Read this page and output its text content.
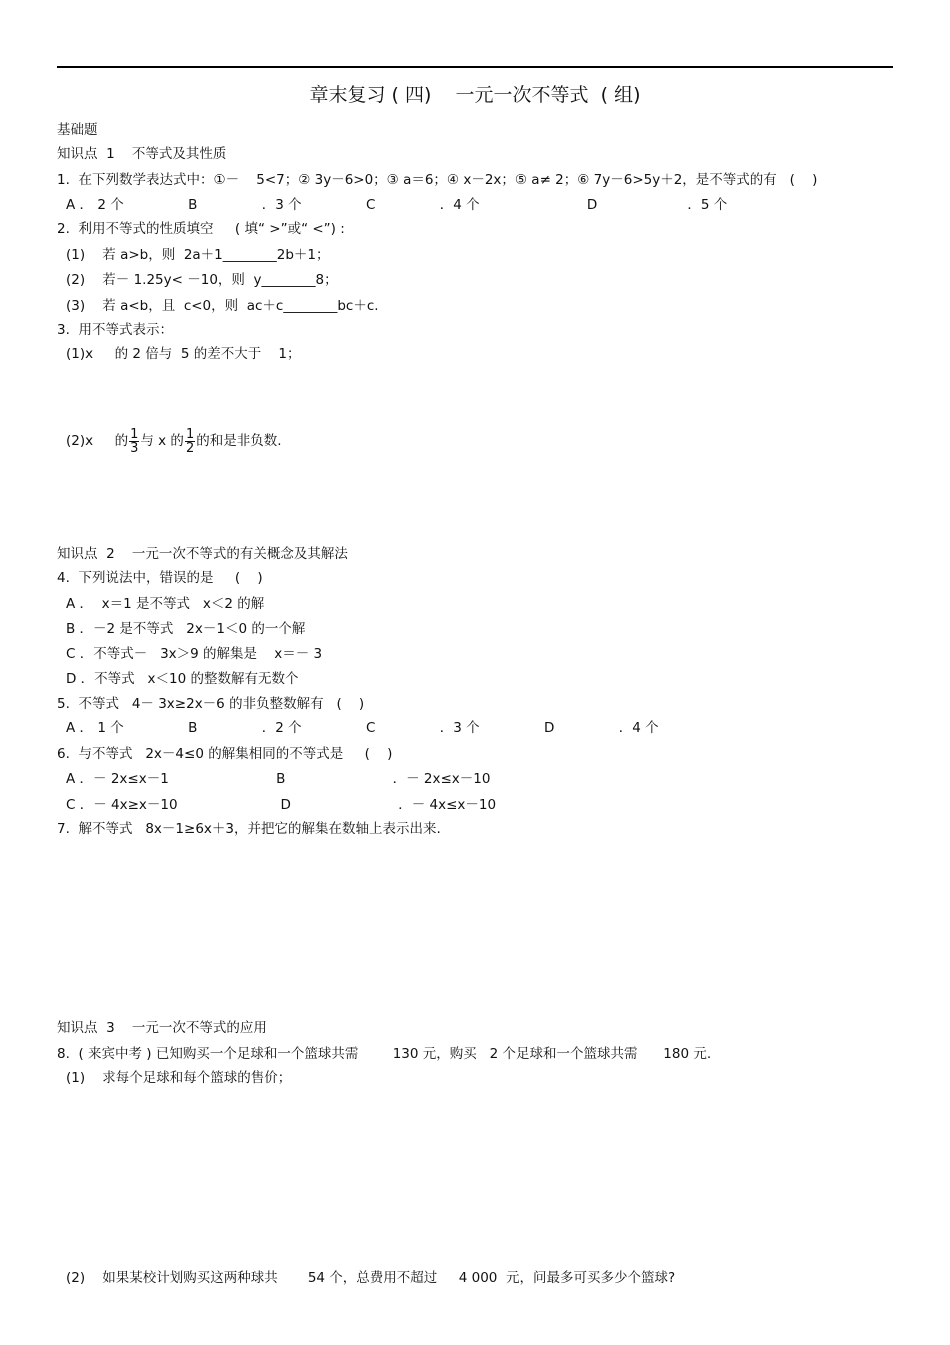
章末复习 ( 四)    一元一次不等式  ( 组)
基础题
知识点  1    不等式及其性质
1.  在下列数学表达式中：①－    5<7；② 3y－6>0；③ a＝6；④ x－2x；⑤ a≠ 2；⑥ 7y－6>5y＋2，是不等式的有   (    )
A ． 2 个               B               ．3 个               C               ．4 个                         D                     ．5 个
2.  利用不等式的性质填空     ( 填“ >”或“ <”) :
(1)    若 a>b，则  2a＋1________2b＋1；
(2)    若－ 1.25y< －10，则  y________8；
(3)    若 a<b，且  c<0，则  ac＋c________bc＋c.
3.  用不等式表示：
(1)x     的 2 倍与  5 的差不大于    1；
(2)x     的 $\frac{1}{3}$ 与 x 的 $\frac{1}{2}$ 的和是非负数.
知识点  2    一元一次不等式的有关概念及其解法
4.  下列说法中，错误的是     (    )
A ．  x＝1 是不等式   x＜2 的解
B ．－2 是不等式   2x－1＜0 的一个解
C ．不等式－   3x＞9 的解集是    x＝－ 3
D ．不等式   x＜10 的整数解有无数个
5.  不等式   4－ 3x≥2x－6 的非负整数解有   (    )
A ． 1 个               B               ．2 个               C               ．3 个               D               ．4 个
6.  与不等式   2x－4≤0 的解集相同的不等式是     (    )
A ．－ 2x≤x－1                         B                         ．－ 2x≤x－10
C ．－ 4x≥x－10                        D                         ．－ 4x≤x－10
7.  解不等式   8x－1≥6x＋3，并把它的解集在数轴上表示出来.
知识点  3    一元一次不等式的应用
8.  ( 来宾中考 ) 已知购买一个足球和一个篮球共需        130 元，购买   2 个足球和一个篮球共需      180 元.
(1)    求每个足球和每个篮球的售价；
(2)    如果某校计划购买这两种球共       54 个，总费用不超过     4 000  元，问最多可买多少个篮球?
